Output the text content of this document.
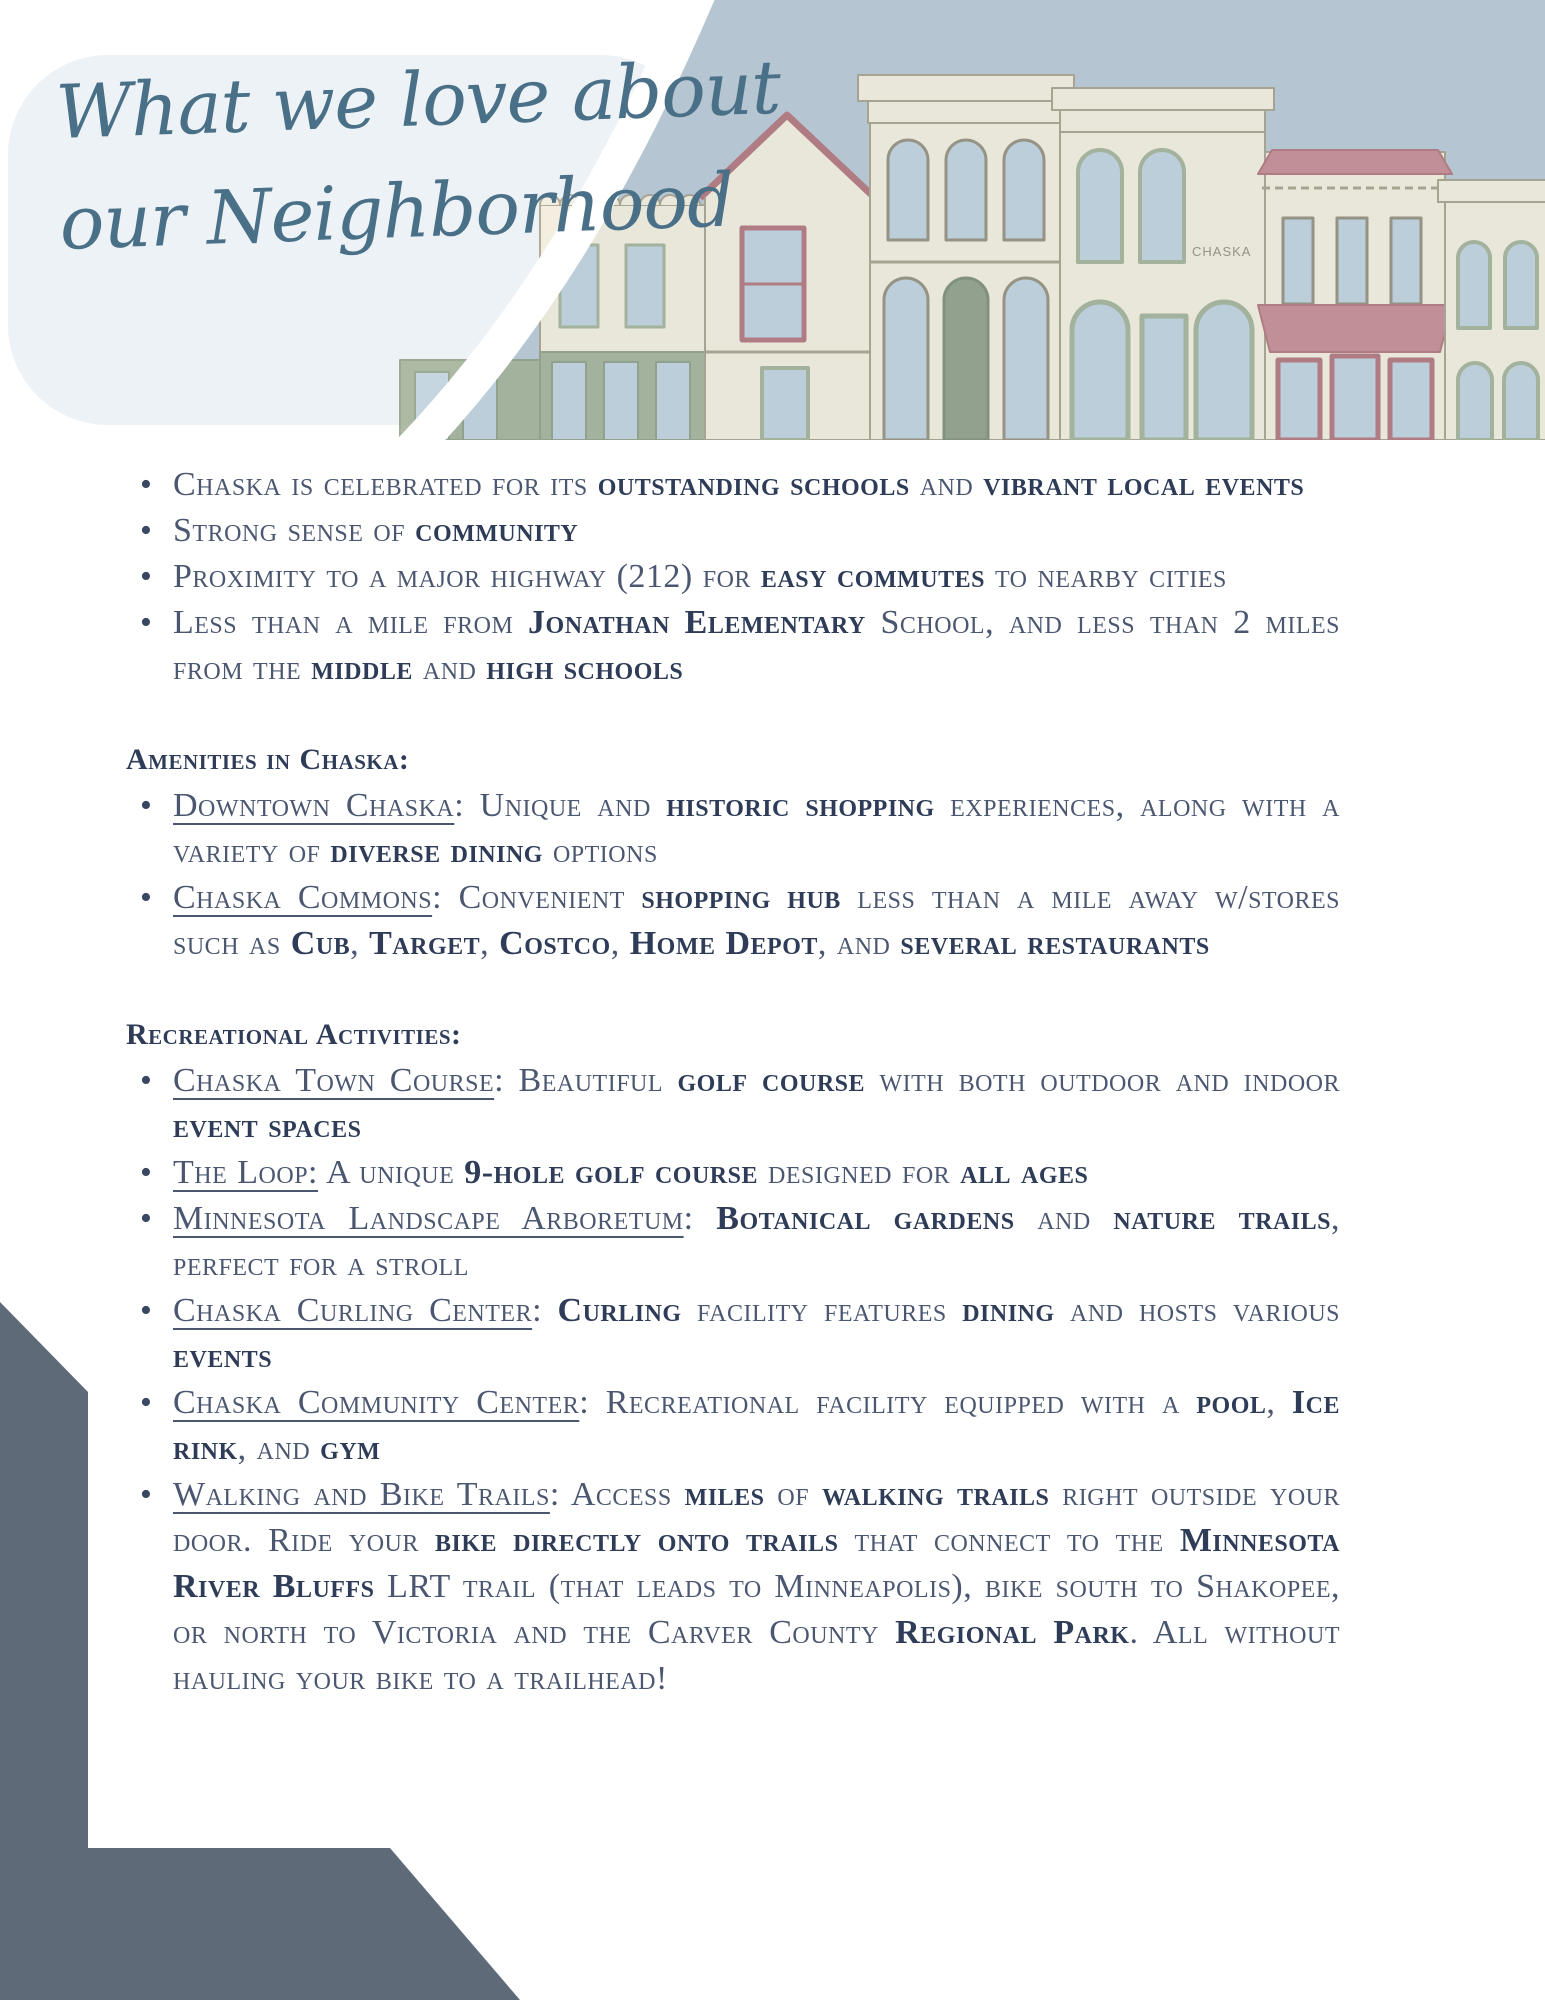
CHASKA
What we love about
our Neighborhood
• Chaska is celebrated for its outstanding schools and vibrant local events
• Strong sense of community
• Proximity to a major highway (212) for easy commutes to nearby cities
• Less than a mile from Jonathan Elementary School, and less than 2 miles from the middle and high schools
Amenities in Chaska:
• Downtown Chaska: Unique and historic shopping experiences, along with a variety of diverse dining options
• Chaska Commons: Convenient shopping hub less than a mile away w/stores such as Cub, Target, Costco, Home Depot, and several restaurants
Recreational Activities:
• Chaska Town Course: Beautiful golf course with both outdoor and indoor event spaces
• The Loop: A unique 9-hole golf course designed for all ages
• Minnesota Landscape Arboretum: Botanical gardens and nature trails, perfect for a stroll
• Chaska Curling Center: Curling facility features dining and hosts various events
• Chaska Community Center: Recreational facility equipped with a pool, Ice rink, and gym
• Walking and Bike Trails: Access miles of walking trails right outside your door. Ride your bike directly onto trails that connect to the Minnesota River Bluffs LRT trail (that leads to Minneapolis), bike south to Shakopee, or north to Victoria and the Carver County Regional Park. All without hauling your bike to a trailhead!
